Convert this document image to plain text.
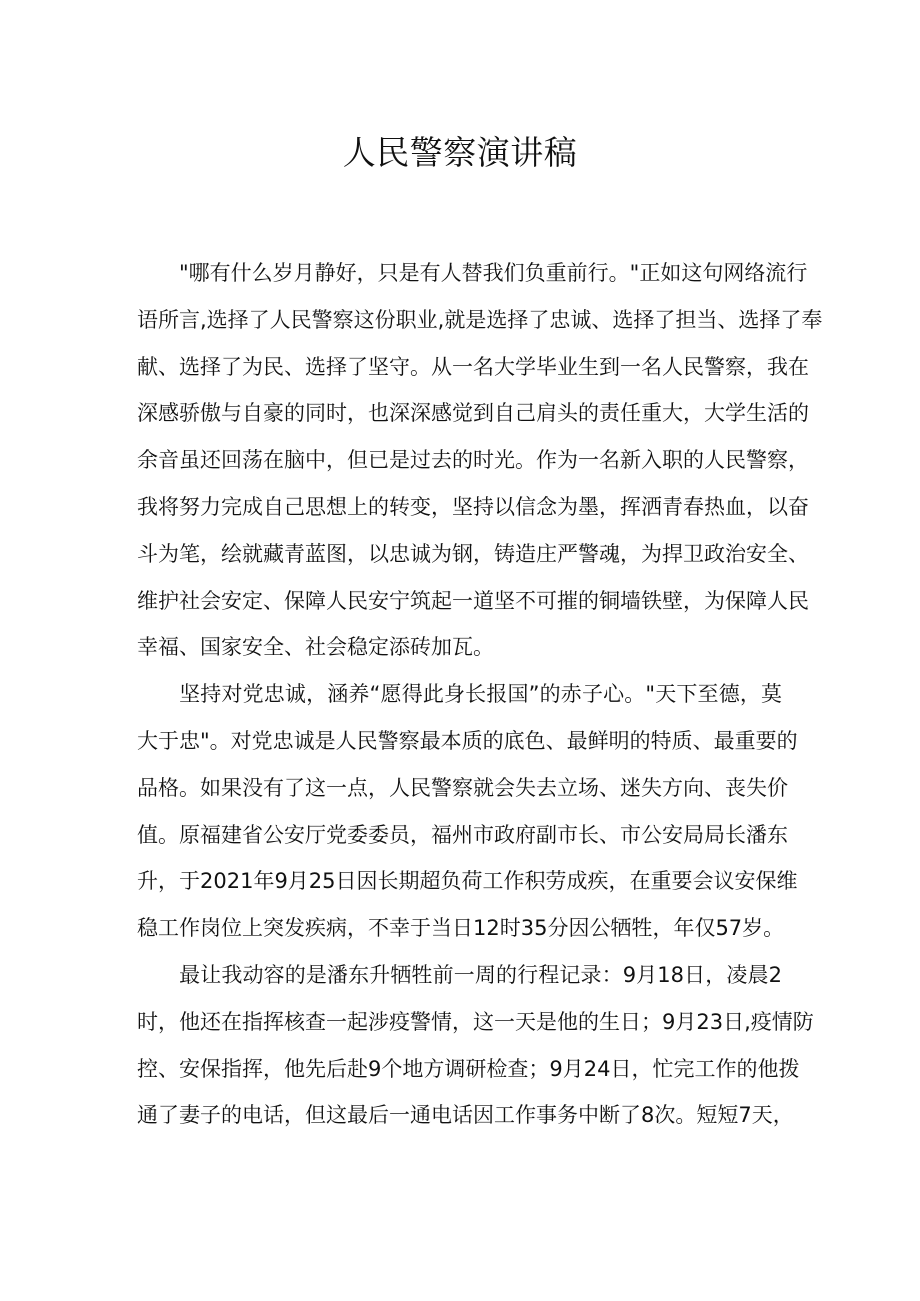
人民警察演讲稿
"哪有什么岁月静好，只是有人替我们负重前行。"正如这句网络流行
语所言,选择了人民警察这份职业,就是选择了忠诚、选择了担当、选择了奉
献、选择了为民、选择了坚守。从一名大学毕业生到一名人民警察，我在
深感骄傲与自豪的同时，也深深感觉到自己肩头的责任重大，大学生活的
余音虽还回荡在脑中，但已是过去的时光。作为一名新入职的人民警察，
我将努力完成自己思想上的转变，坚持以信念为墨，挥洒青春热血，以奋
斗为笔，绘就藏青蓝图，以忠诚为钢，铸造庄严警魂，为捍卫政治安全、
维护社会安定、保障人民安宁筑起一道坚不可摧的铜墙铁壁，为保障人民
幸福、国家安全、社会稳定添砖加瓦。
坚持对党忠诚，涵养“愿得此身长报国”的赤子心。"天下至德，莫
大于忠"。对党忠诚是人民警察最本质的底色、最鲜明的特质、最重要的
品格。如果没有了这一点，人民警察就会失去立场、迷失方向、丧失价
值。原福建省公安厅党委委员，福州市政府副市长、市公安局局长潘东
升，于2021年9月25日因长期超负荷工作积劳成疾，在重要会议安保维
稳工作岗位上突发疾病，不幸于当日12时35分因公牺牲，年仅57岁。
最让我动容的是潘东升牺牲前一周的行程记录：9月18日，凌晨2
时，他还在指挥核查一起涉疫警情，这一天是他的生日；9月23日,疫情防
控、安保指挥，他先后赴9个地方调研检查；9月24日，忙完工作的他拨
通了妻子的电话，但这最后一通电话因工作事务中断了8次。短短7天，
